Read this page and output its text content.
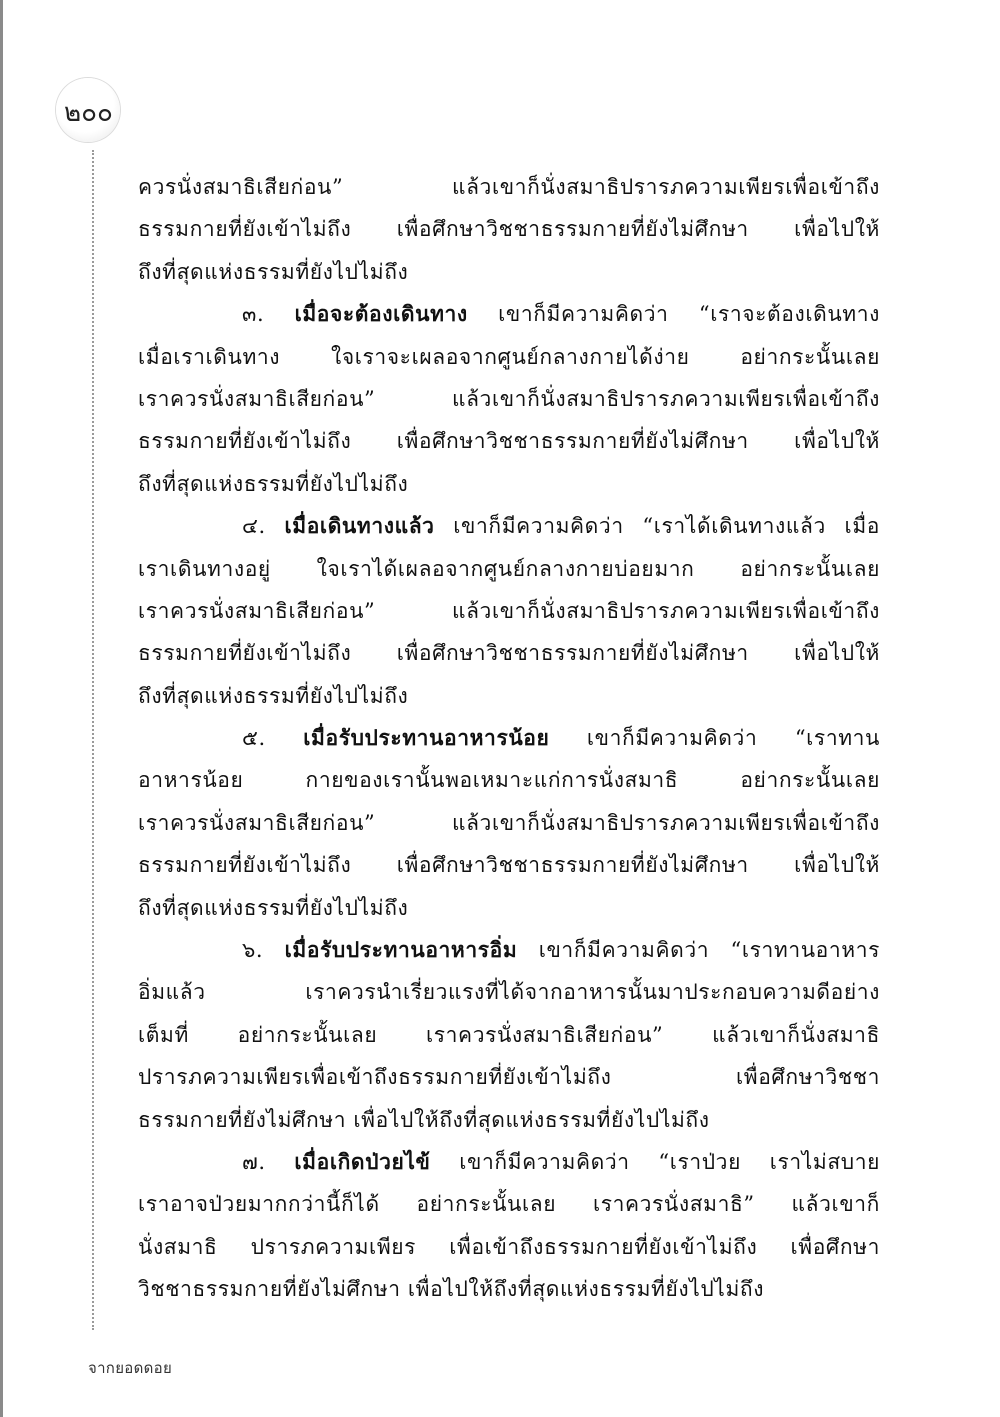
๒๐๐
ควรนั่งสมาธิเสียก่อน” แล้วเขาก็นั่งสมาธิปรารภความเพียรเพื่อเข้าถึง
ธรรมกายที่ยังเข้าไม่ถึง เพื่อศึกษาวิชชาธรรมกายที่ยังไม่ศึกษา เพื่อไปให้
ถึงที่สุดแห่งธรรมที่ยังไปไม่ถึง
๓. เมื่อจะต้องเดินทาง เขาก็มีความคิดว่า “เราจะต้องเดินทาง
เมื่อเราเดินทาง ใจเราจะเผลอจากศูนย์กลางกายได้ง่าย อย่ากระนั้นเลย
เราควรนั่งสมาธิเสียก่อน” แล้วเขาก็นั่งสมาธิปรารภความเพียรเพื่อเข้าถึง
ธรรมกายที่ยังเข้าไม่ถึง เพื่อศึกษาวิชชาธรรมกายที่ยังไม่ศึกษา เพื่อไปให้
ถึงที่สุดแห่งธรรมที่ยังไปไม่ถึง
๔. เมื่อเดินทางแล้ว เขาก็มีความคิดว่า “เราได้เดินทางแล้ว เมื่อ
เราเดินทางอยู่ ใจเราได้เผลอจากศูนย์กลางกายบ่อยมาก อย่ากระนั้นเลย
เราควรนั่งสมาธิเสียก่อน” แล้วเขาก็นั่งสมาธิปรารภความเพียรเพื่อเข้าถึง
ธรรมกายที่ยังเข้าไม่ถึง เพื่อศึกษาวิชชาธรรมกายที่ยังไม่ศึกษา เพื่อไปให้
ถึงที่สุดแห่งธรรมที่ยังไปไม่ถึง
๕. เมื่อรับประทานอาหารน้อย เขาก็มีความคิดว่า “เราทาน
อาหารน้อย กายของเรานั้นพอเหมาะแก่การนั่งสมาธิ อย่ากระนั้นเลย
เราควรนั่งสมาธิเสียก่อน” แล้วเขาก็นั่งสมาธิปรารภความเพียรเพื่อเข้าถึง
ธรรมกายที่ยังเข้าไม่ถึง เพื่อศึกษาวิชชาธรรมกายที่ยังไม่ศึกษา เพื่อไปให้
ถึงที่สุดแห่งธรรมที่ยังไปไม่ถึง
๖. เมื่อรับประทานอาหารอิ่ม เขาก็มีความคิดว่า “เราทานอาหาร
อิ่มแล้ว เราควรนำเรี่ยวแรงที่ได้จากอาหารนั้นมาประกอบความดีอย่าง
เต็มที่ อย่ากระนั้นเลย เราควรนั่งสมาธิเสียก่อน” แล้วเขาก็นั่งสมาธิ
ปรารภความเพียรเพื่อเข้าถึงธรรมกายที่ยังเข้าไม่ถึง เพื่อศึกษาวิชชา
ธรรมกายที่ยังไม่ศึกษา เพื่อไปให้ถึงที่สุดแห่งธรรมที่ยังไปไม่ถึง
๗. เมื่อเกิดป่วยไข้ เขาก็มีความคิดว่า “เราป่วย เราไม่สบาย
เราอาจป่วยมากกว่านี้ก็ได้ อย่ากระนั้นเลย เราควรนั่งสมาธิ” แล้วเขาก็
นั่งสมาธิ ปรารภความเพียร เพื่อเข้าถึงธรรมกายที่ยังเข้าไม่ถึง เพื่อศึกษา
วิชชาธรรมกายที่ยังไม่ศึกษา เพื่อไปให้ถึงที่สุดแห่งธรรมที่ยังไปไม่ถึง
จากยอดดอย
